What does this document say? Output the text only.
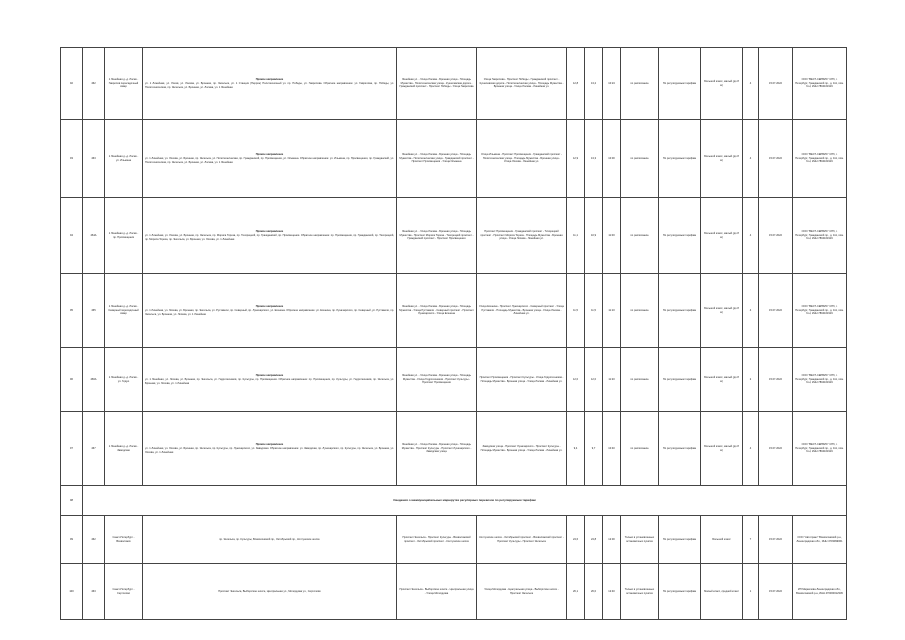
92	462	1 Линейная д.-д. Лосев - Гаврилов пересадочный сквер	Прямое направление
ул. 1 Линейная, ул. Лосев, ул. Лосева, ул. Бронная, пр. Энгельса, ул. 1 Станция (Перрон) Политехничный ул. пр. Победы, ул. Гаврилова. Обратное направление: ул. Гаврилова, пр. Победы, ул. Политехническая, пр. Энгельса, ул. Бронная, ул. Лосева, ул. 1 Линейная	Линейная ул. - Улица Лосева - Бронная улица - Площадь Мужества - Политехническая улица - Кушелевская дорога - Гражданский проспект - Проспект Победы - Улица Гаврилова	Улица Гаврилова - Проспект Победы - Гражданский проспект - Кушелевская дорога - Политехническая улица - Площадь Мужества - Бронная улица - Улица Лосева - Линейная ул.	12,8	13,2	10:24	по расписанию	По регулируемым тарифам	Большой класс, малый (до 8 м)	4	15.07.2022	ООО "ВЕСТ-СЕРВИС" СПб, г. Петербург, Гражданский пр., д. 111, пом. 6-Н, ИНН 7804161919
93	463	1 Линейная д.-д. Лосев - ул. Ильмена	Прямое направление
ул. 1 Линейная, ул. Лосева, ул. Бронная, пр. Энгельса, ул. Политехническая, пр. Гражданский, пр. Просвещения, ул. Ильмена. Обратное направление: ул. Ильмена, пр. Просвещения, пр. Гражданский, ул. Политехническая, пр. Энгельса, ул. Бронная, ул. Лосева, ул. 1 Линейная	Линейная ул. - Улица Лосева - Бронная улица - Площадь Мужества - Политехническая улица - Гражданский проспект - Проспект Просвещения - Улица Ильмена	Улица Ильмена - Проспект Просвещения - Гражданский проспект - Политехническая улица - Площадь Мужества - Бронная улица - Улица Лосева - Линейная ул.	12,9	13,3	10:30	по расписанию	По регулируемым тарифам	Большой класс, малый (до 8 м)	4	15.07.2022	ООО "ВЕСТ-СЕРВИС" СПб, г. Петербург, Гражданский пр., д. 111, пом. 6-Н, ИНН 7804161919
94	464А	1 Линейная д.-д. Лосев - пр. Просвещения	Прямое направление
ул. 1 Линейная, ул. Лосева, ул. Бронная, пр. Энгельса, пр. Мориса Тореза, пр. Тихорецкий, пр. Гражданский, пр. Просвещения. Обратное направление: пр. Просвещения, пр. Гражданский, пр. Тихорецкий, пр. Мориса Тореза, пр. Энгельса, ул. Бронная, ул. Лосева, ул. 1 Линейная	Линейная ул. - Улица Лосева - Бронная улица - Площадь Мужества - Проспект Мориса Тореза - Тихорецкий проспект - Гражданский проспект - Проспект Просвещения	Проспект Просвещения - Гражданский проспект - Тихорецкий проспект - Проспект Мориса Тореза - Площадь Мужества - Бронная улица - Улица Лосева - Линейная ул.	11,1	10,9	11:00	по расписанию	По регулируемым тарифам	Большой класс, малый (до 8 м)	4	15.07.2022	ООО "ВЕСТ-СЕРВИС" СПб, г. Петербург, Гражданский пр., д. 111, пом. 6-Н, ИНН 7804161919
95	465	1 Линейная д.-д. Лосев - Северный пересадочный сквер	Прямое направление
ул. 1 Линейная, ул. Лосева, ул. Бронная, пр. Энгельса, ул. Руставели, пр. Северный, пр. Луначарского, ул. Есенина. Обратное направление: ул. Есенина, пр. Луначарского, пр. Северный, ул. Руставели, пр. Энгельса, ул. Бронная, ул. Лосева, ул. 1 Линейная	Линейная ул. - Улица Лосева - Бронная улица - Площадь Мужества - Улица Руставели - Северный проспект - Проспект Луначарского - Улица Есенина	Улица Есенина - Проспект Луначарского - Северный проспект - Улица Руставели - Площадь Мужества - Бронная улица - Улица Лосева - Линейная ул.	11,5	11,5	11:10	по расписанию	По регулируемым тарифам	Большой класс, малый (до 8 м)	4	15.07.2022	ООО "ВЕСТ-СЕРВИС" СПб, г. Петербург, Гражданский пр., д. 111, пом. 6-Н, ИНН 7804161919
96	466А	1 Линейная д.-д. Лосев - ул. Гидро	Прямое направление
ул. 1 Линейная, ул. Лосева, ул. Бронная, пр. Энгельса, ул. Гидротехников, пр. Культуры, пр. Просвещения. Обратное направление: пр. Просвещения, пр. Культуры, ул. Гидротехников, пр. Энгельса, ул. Бронная, ул. Лосева, ул. 1 Линейная	Линейная ул. - Улица Лосева - Бронная улица - Площадь Мужества - Улица Гидротехников - Проспект Культуры - Проспект Просвещения	Проспект Просвещения - Проспект Культуры - Улица Гидротехников - Площадь Мужества - Бронная улица - Улица Лосева - Линейная ул.	12,0	12,0	11:20	по расписанию	По регулируемым тарифам	Большой класс, малый (до 8 м)	2	15.07.2022	ООО "ВЕСТ-СЕРВИС" СПб, г. Петербург, Гражданский пр., д. 111, пом. 6-Н, ИНН 7804161919
97	467	1 Линейная д.-д. Лосев - Заводская	Прямое направление
ул. 1 Линейная, ул. Лосева, ул. Бронная, пр. Энгельса, пр. Культуры, пр. Луначарского, ул. Заводская. Обратное направление: ул. Заводская, пр. Луначарского, пр. Культуры, пр. Энгельса, ул. Бронная, ул. Лосева, ул. 1 Линейная	Линейная ул. - Улица Лосева - Бронная улица - Площадь Мужества - Проспект Культуры - Проспект Луначарского - Заводская улица	Заводская улица - Проспект Луначарского - Проспект Культуры - Площадь Мужества - Бронная улица - Улица Лосева - Линейная ул.	9,4	9,7	10:40	по расписанию	По регулируемым тарифам	Большой класс, малый (до 8 м)	4	15.07.2022	ООО "ВЕСТ-СЕРВИС" СПб, г. Петербург, Гражданский пр., д. 111, пом. 6-Н, ИНН 7804161919
98	Сведения о межмуниципальных маршрутах регулярных перевозок по регулируемым тарифам													
99	462	Санкт-Петербург - Всеволожск	пр. Энгельса, пр. Культуры, Всеволожский пр., Октябрьский пр., Колтушское шоссе	Проспект Энгельса - Проспект Культуры - Всеволожский проспект - Октябрьский проспект - Колтушское шоссе	Колтушское шоссе - Октябрьский проспект - Всеволожский проспект - Проспект Культуры - Проспект Энгельса	24,6	24,8	12:30	Только в установленных остановочных пунктах	По регулируемым тарифам	Большой класс	7	15.07.2022	ООО "Автотранс" Всеволожский р-н, Ленинградская обл., ИНН 4703099061
100	463	Санкт-Петербург - Сертолово	Проспект Энгельса, Выборгское шоссе, Центральная ул., Молодцова ул., Сертолово	Проспект Энгельса - Выборгское шоссе - Центральная улица - Улица Молодцова	Улица Молодцова - Центральная улица - Выборгское шоссе - Проспект Энгельса	26,1	26,0	12:40	Только в установленных остановочных пунктах	По регулируемым тарифам	Малый класс, средний класс	1	15.07.2022	ИП Маркелова Ленинградская обл., Всеволожский р-н, ИНН 470300012345
